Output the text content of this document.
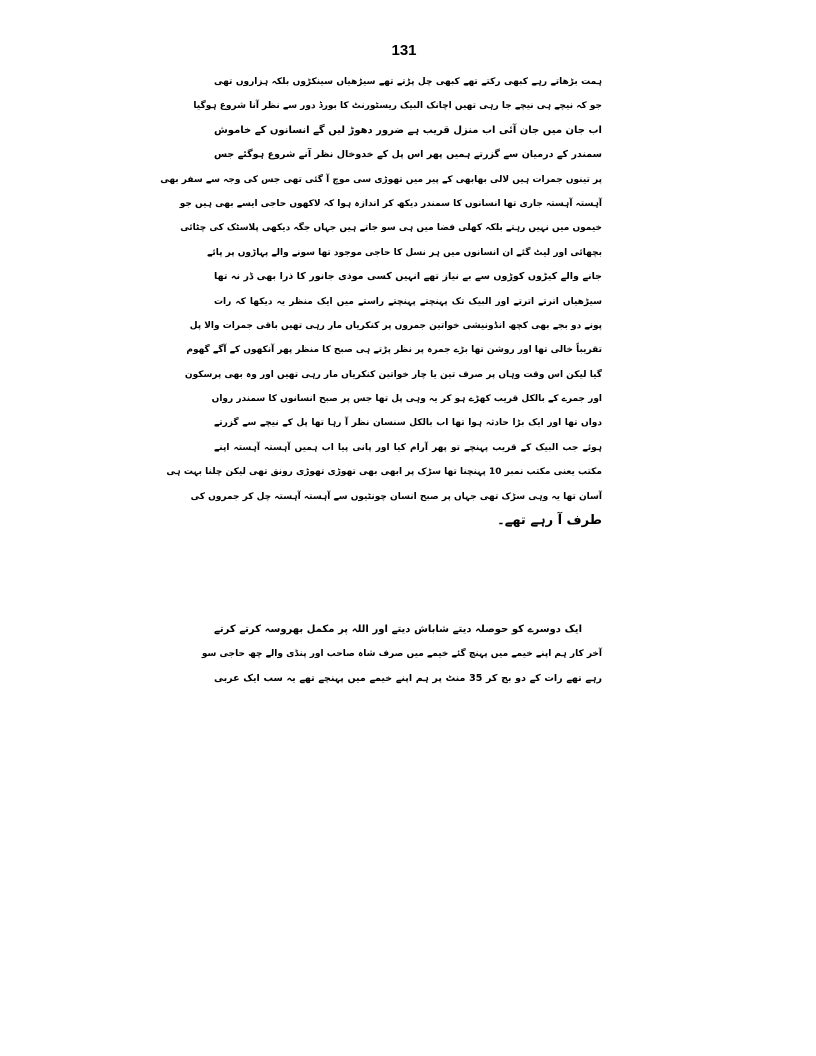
131
ہمت بڑھاتے رہے کبھی رکتے تھے کبھی چل پڑتے تھے سیڑھیاں سینکڑوں بلکہ ہزاروں تھی
جو کہ نیچے ہی نیچے جا رہی تھیں اچانک البیک ریسٹورنٹ کا بورڈ دور سے نظر آنا شروع ہوگیا
اب جان میں جان آئی اب منزل قریب ہے ضرور دھوڑ لیں گے انسانوں کے خاموش
سمندر کے درمیان سے گزرتے ہمیں پھر اس پل کے خدوخال نظر آنے شروع ہوگئے جس
پر تینوں جمرات ہیں لالی بھابھی کے پیر میں تھوڑی سی موچ آ گئی تھی جس کی وجہ سے سفر بھی
آہستہ آہستہ جاری تھا انسانوں کا سمندر دیکھ کر اندازہ ہوا کہ لاکھوں حاجی ایسے بھی ہیں جو
خیموں میں نہیں رہتے بلکہ کھلی فضا میں ہی سو جاتے ہیں جہاں جگہ دیکھی پلاسٹک کی چٹائی
بچھائی اور لیٹ گئے ان انسانوں میں ہر نسل کا حاجی موجود تھا سونے والے پہاڑوں پر پائے
جانے والے کیڑوں کوڑوں سے بے نیاز تھے انہیں کسی موذی جانور کا ذرا بھی ڈر نہ تھا
سیڑھیاں اترتے اترتے اور البیک تک پہنچتے پہنچتے راستے میں ایک منظر یہ دیکھا کہ رات
پونے دو بجے بھی کچھ انڈونیشی خواتین جمروں پر کنکریاں مار رہی تھیں باقی جمرات والا پل
تقریباً خالی تھا اور روشن تھا بڑے جمرہ پر نظر پڑتے ہی صبح کا منظر پھر آنکھوں کے آگے گھوم
گیا لیکن اس وقت وہاں پر صرف تین یا چار خواتین کنکریاں مار رہی تھیں اور وہ بھی پرسکون
اور جمرے کے بالکل قریب کھڑے ہو کر یہ وہی پل تھا جس پر صبح انسانوں کا سمندر رواں
دواں تھا اور ایک بڑا حادثہ ہوا تھا اب بالکل سنسان نظر آ رہا تھا پل کے نیچے سے گزرتے
ہوئے جب البیک کے قریب پہنچے تو پھر آرام کیا اور پانی پیا اب ہمیں آہستہ آہستہ اپنے
مکتب یعنی مکتب نمبر 10 پہنچنا تھا سڑک پر ابھی بھی تھوڑی تھوڑی رونق تھی لیکن چلنا بہت ہی
آسان تھا یہ وہی سڑک تھی جہاں پر صبح انسان چونٹیوں سے آہستہ آہستہ چل کر جمروں کی
طرف آ رہے تھے۔
ایک دوسرے کو حوصلہ دیتے شاباش دیتے اور اللہ پر مکمل بھروسہ کرتے کرتے
آخر کار ہم اپنے خیمے میں پہنچ گئے خیمے میں صرف شاہ صاحب اور پنڈی والے چھ حاجی سو
رہے تھے رات کے دو بج کر 35 منٹ پر ہم اپنے خیمے میں پہنچے تھے یہ سب ایک عربی
